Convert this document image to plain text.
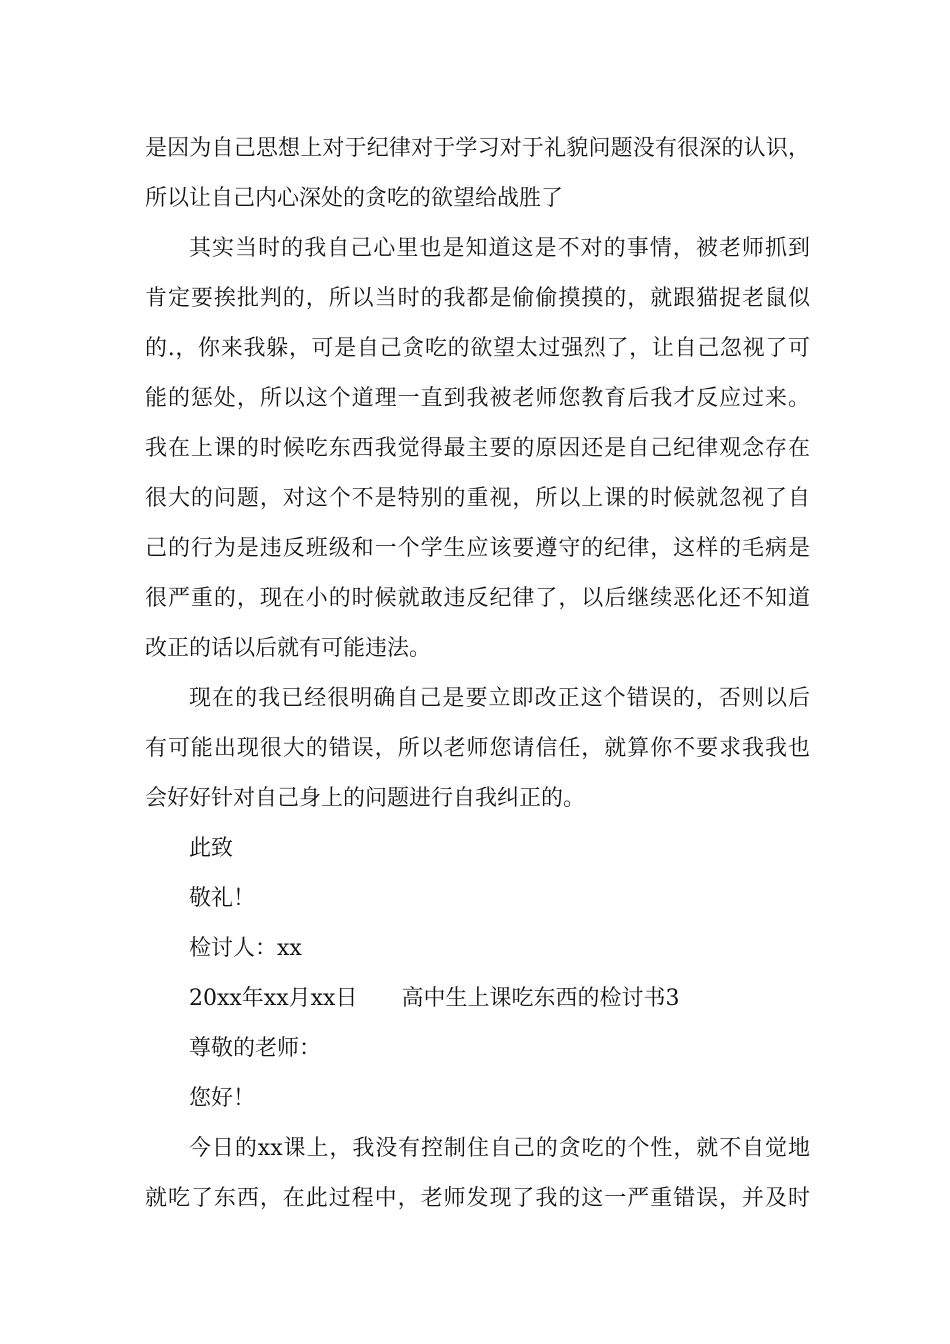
是因为自己思想上对于纪律对于学习对于礼貌问题没有很深的认识，
所以让自己内心深处的贪吃的欲望给战胜了
其实当时的我自己心里也是知道这是不对的事情，被老师抓到
肯定要挨批判的，所以当时的我都是偷偷摸摸的，就跟猫捉老鼠似
的.，你来我躲，可是自己贪吃的欲望太过强烈了，让自己忽视了可
能的惩处，所以这个道理一直到我被老师您教育后我才反应过来。
我在上课的时候吃东西我觉得最主要的原因还是自己纪律观念存在
很大的问题，对这个不是特别的重视，所以上课的时候就忽视了自
己的行为是违反班级和一个学生应该要遵守的纪律，这样的毛病是
很严重的，现在小的时候就敢违反纪律了，以后继续恶化还不知道
改正的话以后就有可能违法。
现在的我已经很明确自己是要立即改正这个错误的，否则以后
有可能出现很大的错误，所以老师您请信任，就算你不要求我我也
会好好针对自己身上的问题进行自我纠正的。
此致
敬礼！
检讨人：xx
20xx年xx月xx日　　高中生上课吃东西的检讨书3
尊敬的老师：
您好！
今日的xx课上，我没有控制住自己的贪吃的个性，就不自觉地
就吃了东西，在此过程中，老师发现了我的这一严重错误，并及时
